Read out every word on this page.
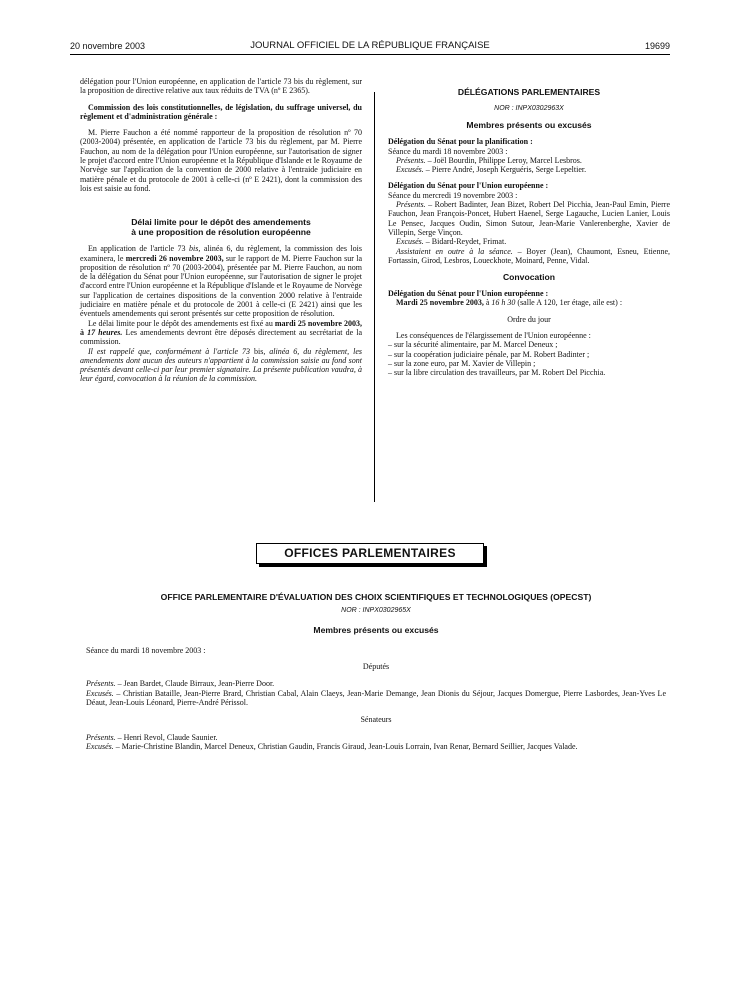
20 novembre 2003	JOURNAL OFFICIEL DE LA RÉPUBLIQUE FRANÇAISE	19699

délégation pour l'Union européenne, en application de l'article 73 bis du règlement, sur la proposition de directive relative aux taux réduits de TVA (nº E 2365).

Commission des lois constitutionnelles, de législation, du suffrage universel, du règlement et d'administration générale :

M. Pierre Fauchon a été nommé rapporteur de la proposition de résolution nº 70 (2003-2004) présentée, en application de l'article 73 bis du règlement, par M. Pierre Fauchon, au nom de la délégation pour l'Union européenne, sur l'autorisation de signer le projet d'accord entre l'Union européenne et la République d'Islande et le Royaume de Norvège sur l'application de la convention de 2000 relative à l'entraide judiciaire en matière pénale et du protocole de 2001 à celle-ci (nº E 2421), dont la commission des lois est saisie au fond.

Délai limite pour le dépôt des amendements
à une proposition de résolution européenne

En application de l'article 73 bis, alinéa 6, du règlement, la commission des lois examinera, le mercredi 26 novembre 2003, sur le rapport de M. Pierre Fauchon sur la proposition de résolution nº 70 (2003-2004), présentée par M. Pierre Fauchon, au nom de la délégation du Sénat pour l'Union européenne, sur l'autorisation de signer le projet d'accord entre l'Union européenne et la République d'Islande et le Royaume de Norvège sur l'application de certaines dispositions de la convention 2000 relative à l'entraide judiciaire en matière pénale et du protocole de 2001 à celle-ci (E 2421) ainsi que les éventuels amendements qui seront présentés sur cette proposition de résolution.

Le délai limite pour le dépôt des amendements est fixé au mardi 25 novembre 2003, à 17 heures. Les amendements devront être déposés directement au secrétariat de la commission.

Il est rappelé que, conformément à l'article 73 bis, alinéa 6, du règlement, les amendements dont aucun des auteurs n'appartient à la commission saisie au fond sont présentés devant celle-ci par leur premier signataire. La présente publication vaudra, à leur égard, convocation à la réunion de la commission.

DÉLÉGATIONS PARLEMENTAIRES
NOR : INPX0302963X
Membres présents ou excusés

Délégation du Sénat pour la planification :

Séance du mardi 18 novembre 2003 :

Présents. – Joël Bourdin, Philippe Leroy, Marcel Lesbros.

Excusés. – Pierre André, Joseph Kerguéris, Serge Lepeltier.

Délégation du Sénat pour l'Union européenne :

Séance du mercredi 19 novembre 2003 :

Présents. – Robert Badinter, Jean Bizet, Robert Del Picchia, Jean-Paul Emin, Pierre Fauchon, Jean François-Poncet, Hubert Haenel, Serge Lagauche, Lucien Lanier, Louis Le Pensec, Jacques Oudin, Simon Sutour, Jean-Marie Vanlerenberghe, Xavier de Villepin, Serge Vinçon.

Excusés. – Bidard-Reydet, Frimat.

Assistaient en outre à la séance. – Boyer (Jean), Chaumont, Esneu, Etienne, Fortassin, Girod, Lesbros, Loueckhote, Moinard, Penne, Vidal.

Convocation

Délégation du Sénat pour l'Union européenne :

Mardi 25 novembre 2003, à 16 h 30 (salle A 120, 1er étage, aile est) :

Ordre du jour

Les conséquences de l'élargissement de l'Union européenne :

– sur la sécurité alimentaire, par M. Marcel Deneux ;
– sur la coopération judiciaire pénale, par M. Robert Badinter ;
– sur la zone euro, par M. Xavier de Villepin ;
– sur la libre circulation des travailleurs, par M. Robert Del Picchia.
OFFICES PARLEMENTAIRES
OFFICE PARLEMENTAIRE D'ÉVALUATION DES CHOIX SCIENTIFIQUES ET TECHNOLOGIQUES (OPECST)
NOR : INPX0302965X
Membres présents ou excusés

Séance du mardi 18 novembre 2003 :

Députés

Présents. – Jean Bardet, Claude Birraux, Jean-Pierre Door.

Excusés. – Christian Bataille, Jean-Pierre Brard, Christian Cabal, Alain Claeys, Jean-Marie Demange, Jean Dionis du Séjour, Jacques Domergue, Pierre Lasbordes, Jean-Yves Le Déaut, Jean-Louis Léonard, Pierre-André Périssol.

Sénateurs

Présents. – Henri Revol, Claude Saunier.

Excusés. – Marie-Christine Blandin, Marcel Deneux, Christian Gaudin, Francis Giraud, Jean-Louis Lorrain, Ivan Renar, Bernard Seillier, Jacques Valade.
